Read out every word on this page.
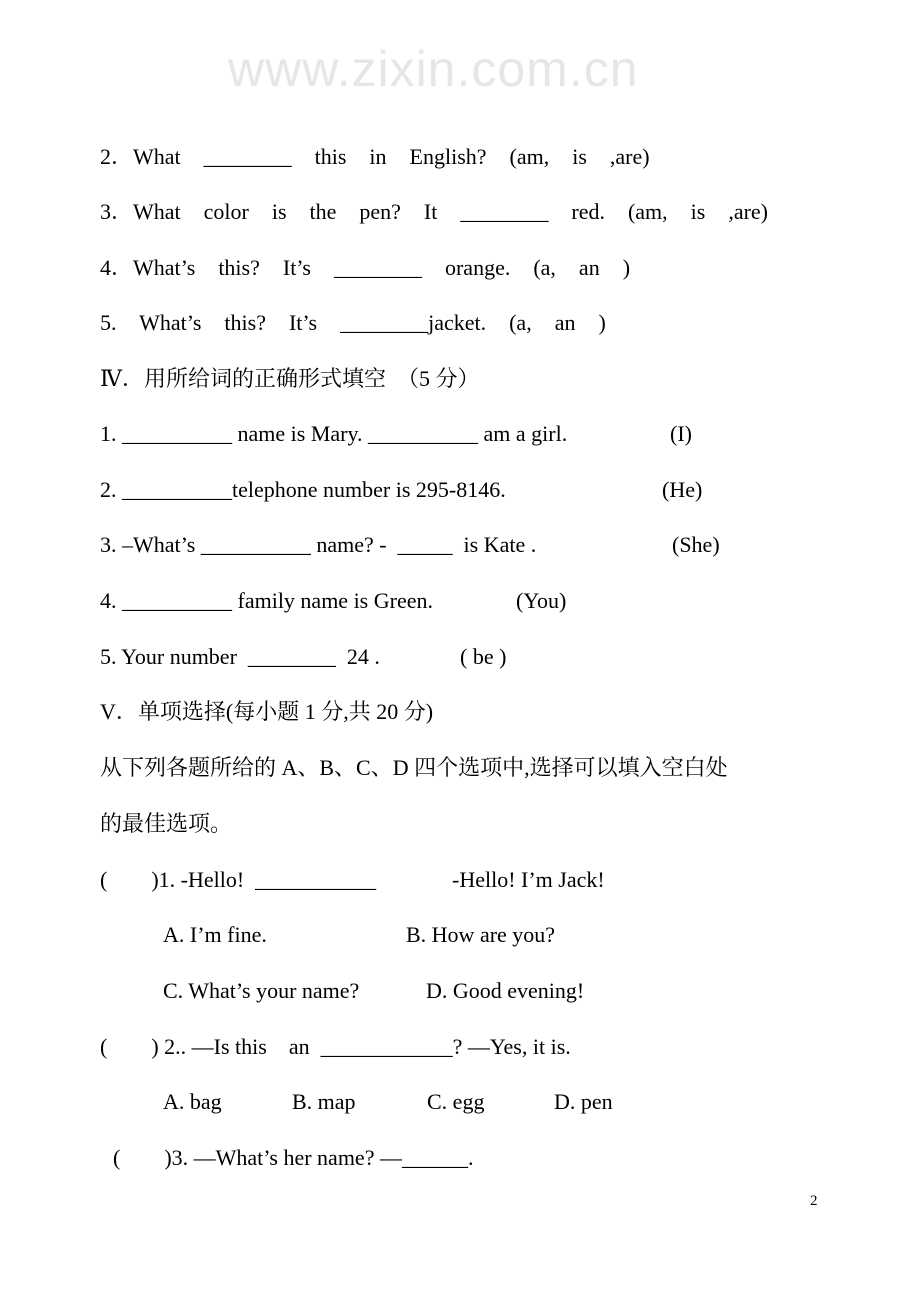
www.zixin.com.cn
2．What  ________  this  in  English?  (am,  is  ,are)
3．What  color  is  the  pen?  It  ________  red.  (am,  is  ,are)
4．What’s  this?  It’s  ________  orange.  (a,  an  )
5.  What’s  this?  It’s  ________jacket.  (a,  an  )
Ⅳ．用所给词的正确形式填空  （5 分）
1. __________ name is Mary. __________ am a girl.	(I)
2. __________telephone number is 295-8146.	(He)
3. –What’s __________ name? -  _____  is Kate .	(She)
4. __________ family name is Green.	(You)
5. Your number  ________  24 .	( be )
V．单项选择(每小题 1 分,共 20 分)
从下列各题所给的 A、B、C、D 四个选项中,选择可以填入空白处
的最佳选项。
(        )1. -Hello!  ___________	-Hello! I’m Jack!
A. I’m fine.	B. How are you?
C. What’s your name?	D. Good evening!
(        ) 2.. —Is this    an  ____________? —Yes, it is.
A. bag	B. map	C. egg	D. pen
(        )3. —What’s her name? —______.
2
